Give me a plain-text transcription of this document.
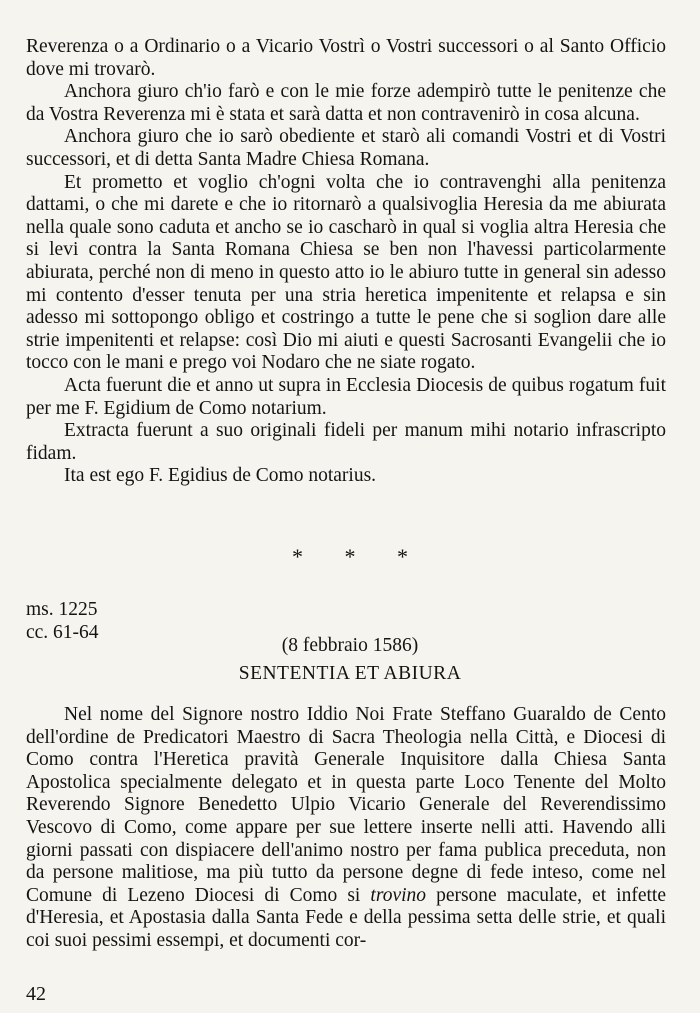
Reverenza o a Ordinario o a Vicario Vostrì o Vostri successori o al Santo Officio dove mi trovarò.

Anchora giuro ch'io farò e con le mie forze adempirò tutte le penitenze che da Vostra Reverenza mi è stata et sarà datta et non contravenirò in cosa alcuna.

Anchora giuro che io sarò obediente et starò ali comandi Vostri et di Vostri successori, et di detta Santa Madre Chiesa Romana.

Et prometto et voglio ch'ogni volta che io contravenghi alla penitenza dattami, o che mi darete e che io ritornarò a qualsivoglia Heresia da me abiurata nella quale sono caduta et ancho se io cascharò in qual si voglia altra Heresia che si levi contra la Santa Romana Chiesa se ben non l'havessi particolarmente abiurata, perché non di meno in questo atto io le abiuro tutte in general sin adesso mi contento d'esser tenuta per una stria heretica impenitente et relapsa e sin adesso mi sottopongo obligo et costringo a tutte le pene che si soglion dare alle strie impenitenti et relapse: così Dio mi aiuti e questi Sacrosanti Evangelii che io tocco con le mani e prego voi Nodaro che ne siate rogato.

Acta fuerunt die et anno ut supra in Ecclesia Diocesis de quibus rogatum fuit per me F. Egidium de Como notarium.

Extracta fuerunt a suo originali fideli per manum mihi notario infrascripto fidam.

Ita est ego F. Egidius de Como notarius.

* * *
ms. 1225
cc. 61-64
(8 febbraio 1586)
SENTENTIA ET ABIURA

Nel nome del Signore nostro Iddio Noi Frate Steffano Guaraldo de Cento dell'ordine de Predicatori Maestro di Sacra Theologia nella Città, e Diocesi di Como contra l'Heretica pravità Generale Inquisitore dalla Chiesa Santa Apostolica specialmente delegato et in questa parte Loco Tenente del Molto Reverendo Signore Benedetto Ulpio Vicario Generale del Reverendissimo Vescovo di Como, come appare per sue lettere inserte nelli atti. Havendo alli giorni passati con dispiacere dell'animo nostro per fama publica preceduta, non da persone malitiose, ma più tutto da persone degne di fede inteso, come nel Comune di Lezeno Diocesi di Como si trovino persone maculate, et infette d'Heresia, et Apostasia dalla Santa Fede e della pessima setta delle strie, et quali coi suoi pessimi essempi, et documenti cor-

42
